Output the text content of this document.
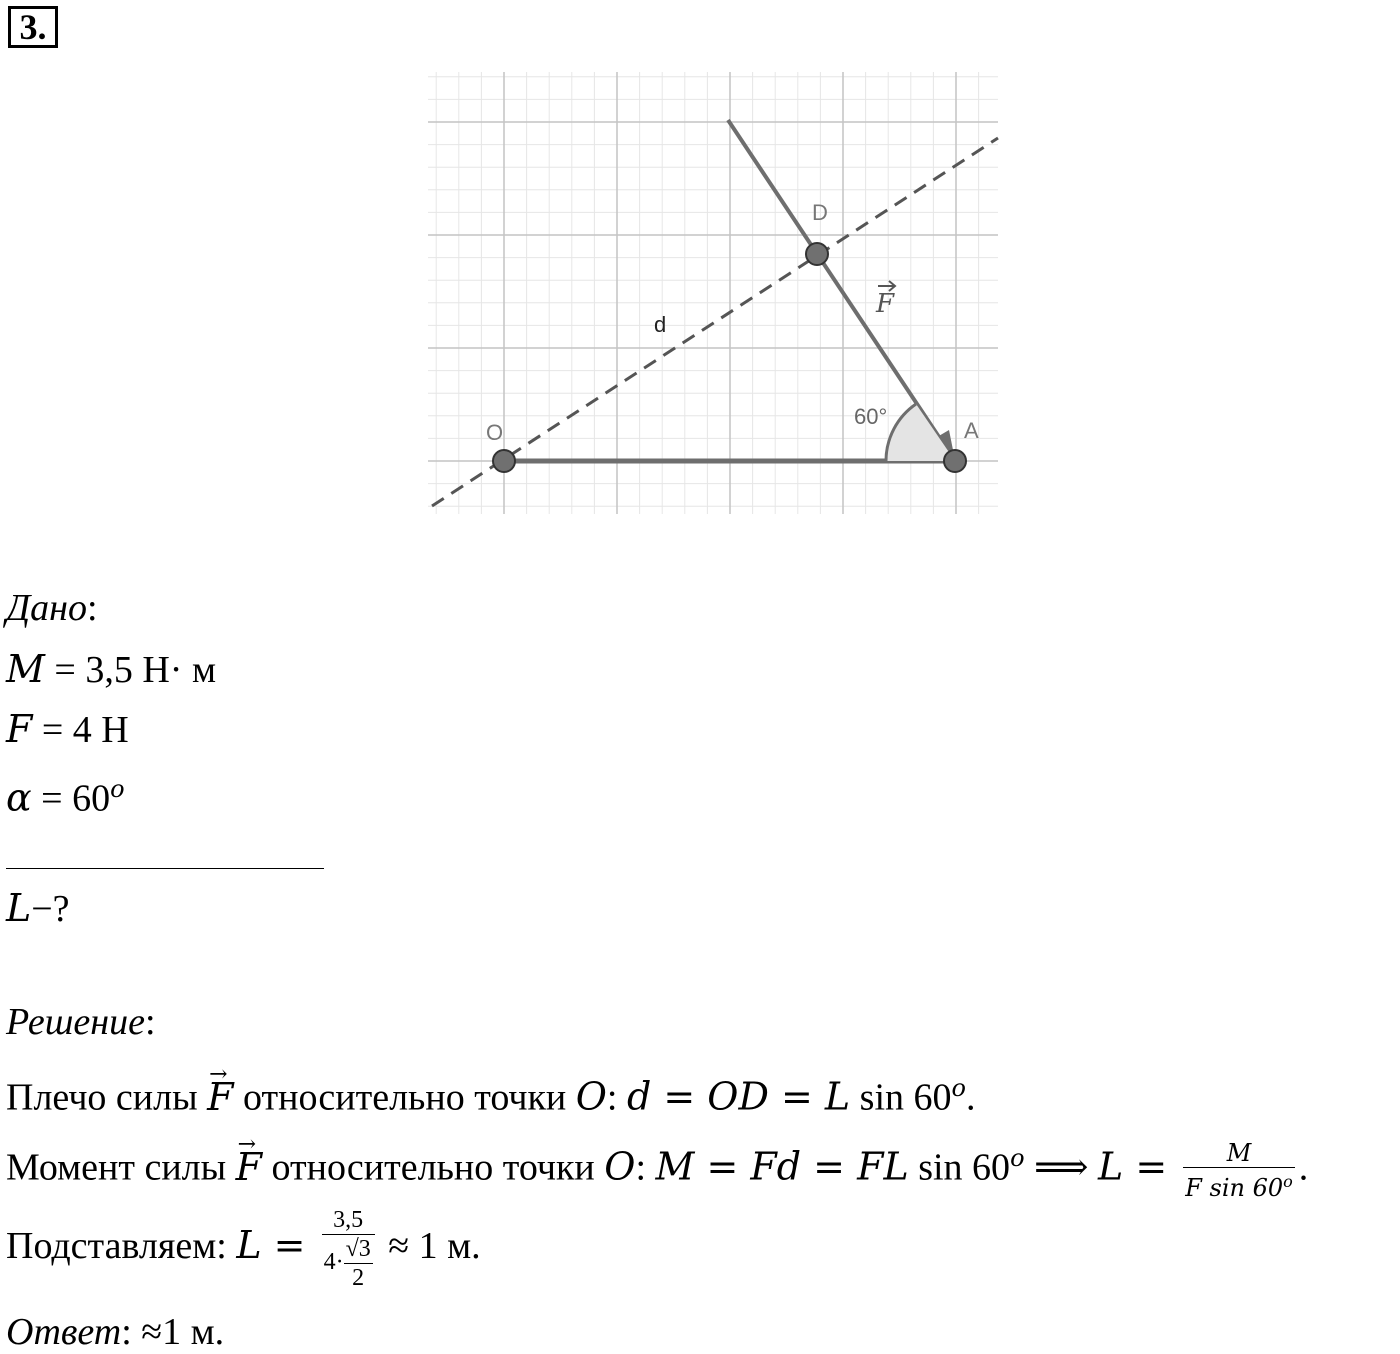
3.
D
O	A
d
F
60°
Дано:
M = 3,5 Н· м
F = 4 Н
$\alpha = 60^o$
L−?
Решение:
Плечо силы → F относительно точки O: d = OD = L sin 60$^o$.
Момент силы → F относительно точки O: M = Fd = FL sin 60$^o$ ⟹ $L = \frac{M}{F \sin 60^o}$ .
Подставляем: $L = \frac{3,5}{4\cdot \frac{√3}{2}} \approx 1$ м.
Ответ: ≈1 м.
